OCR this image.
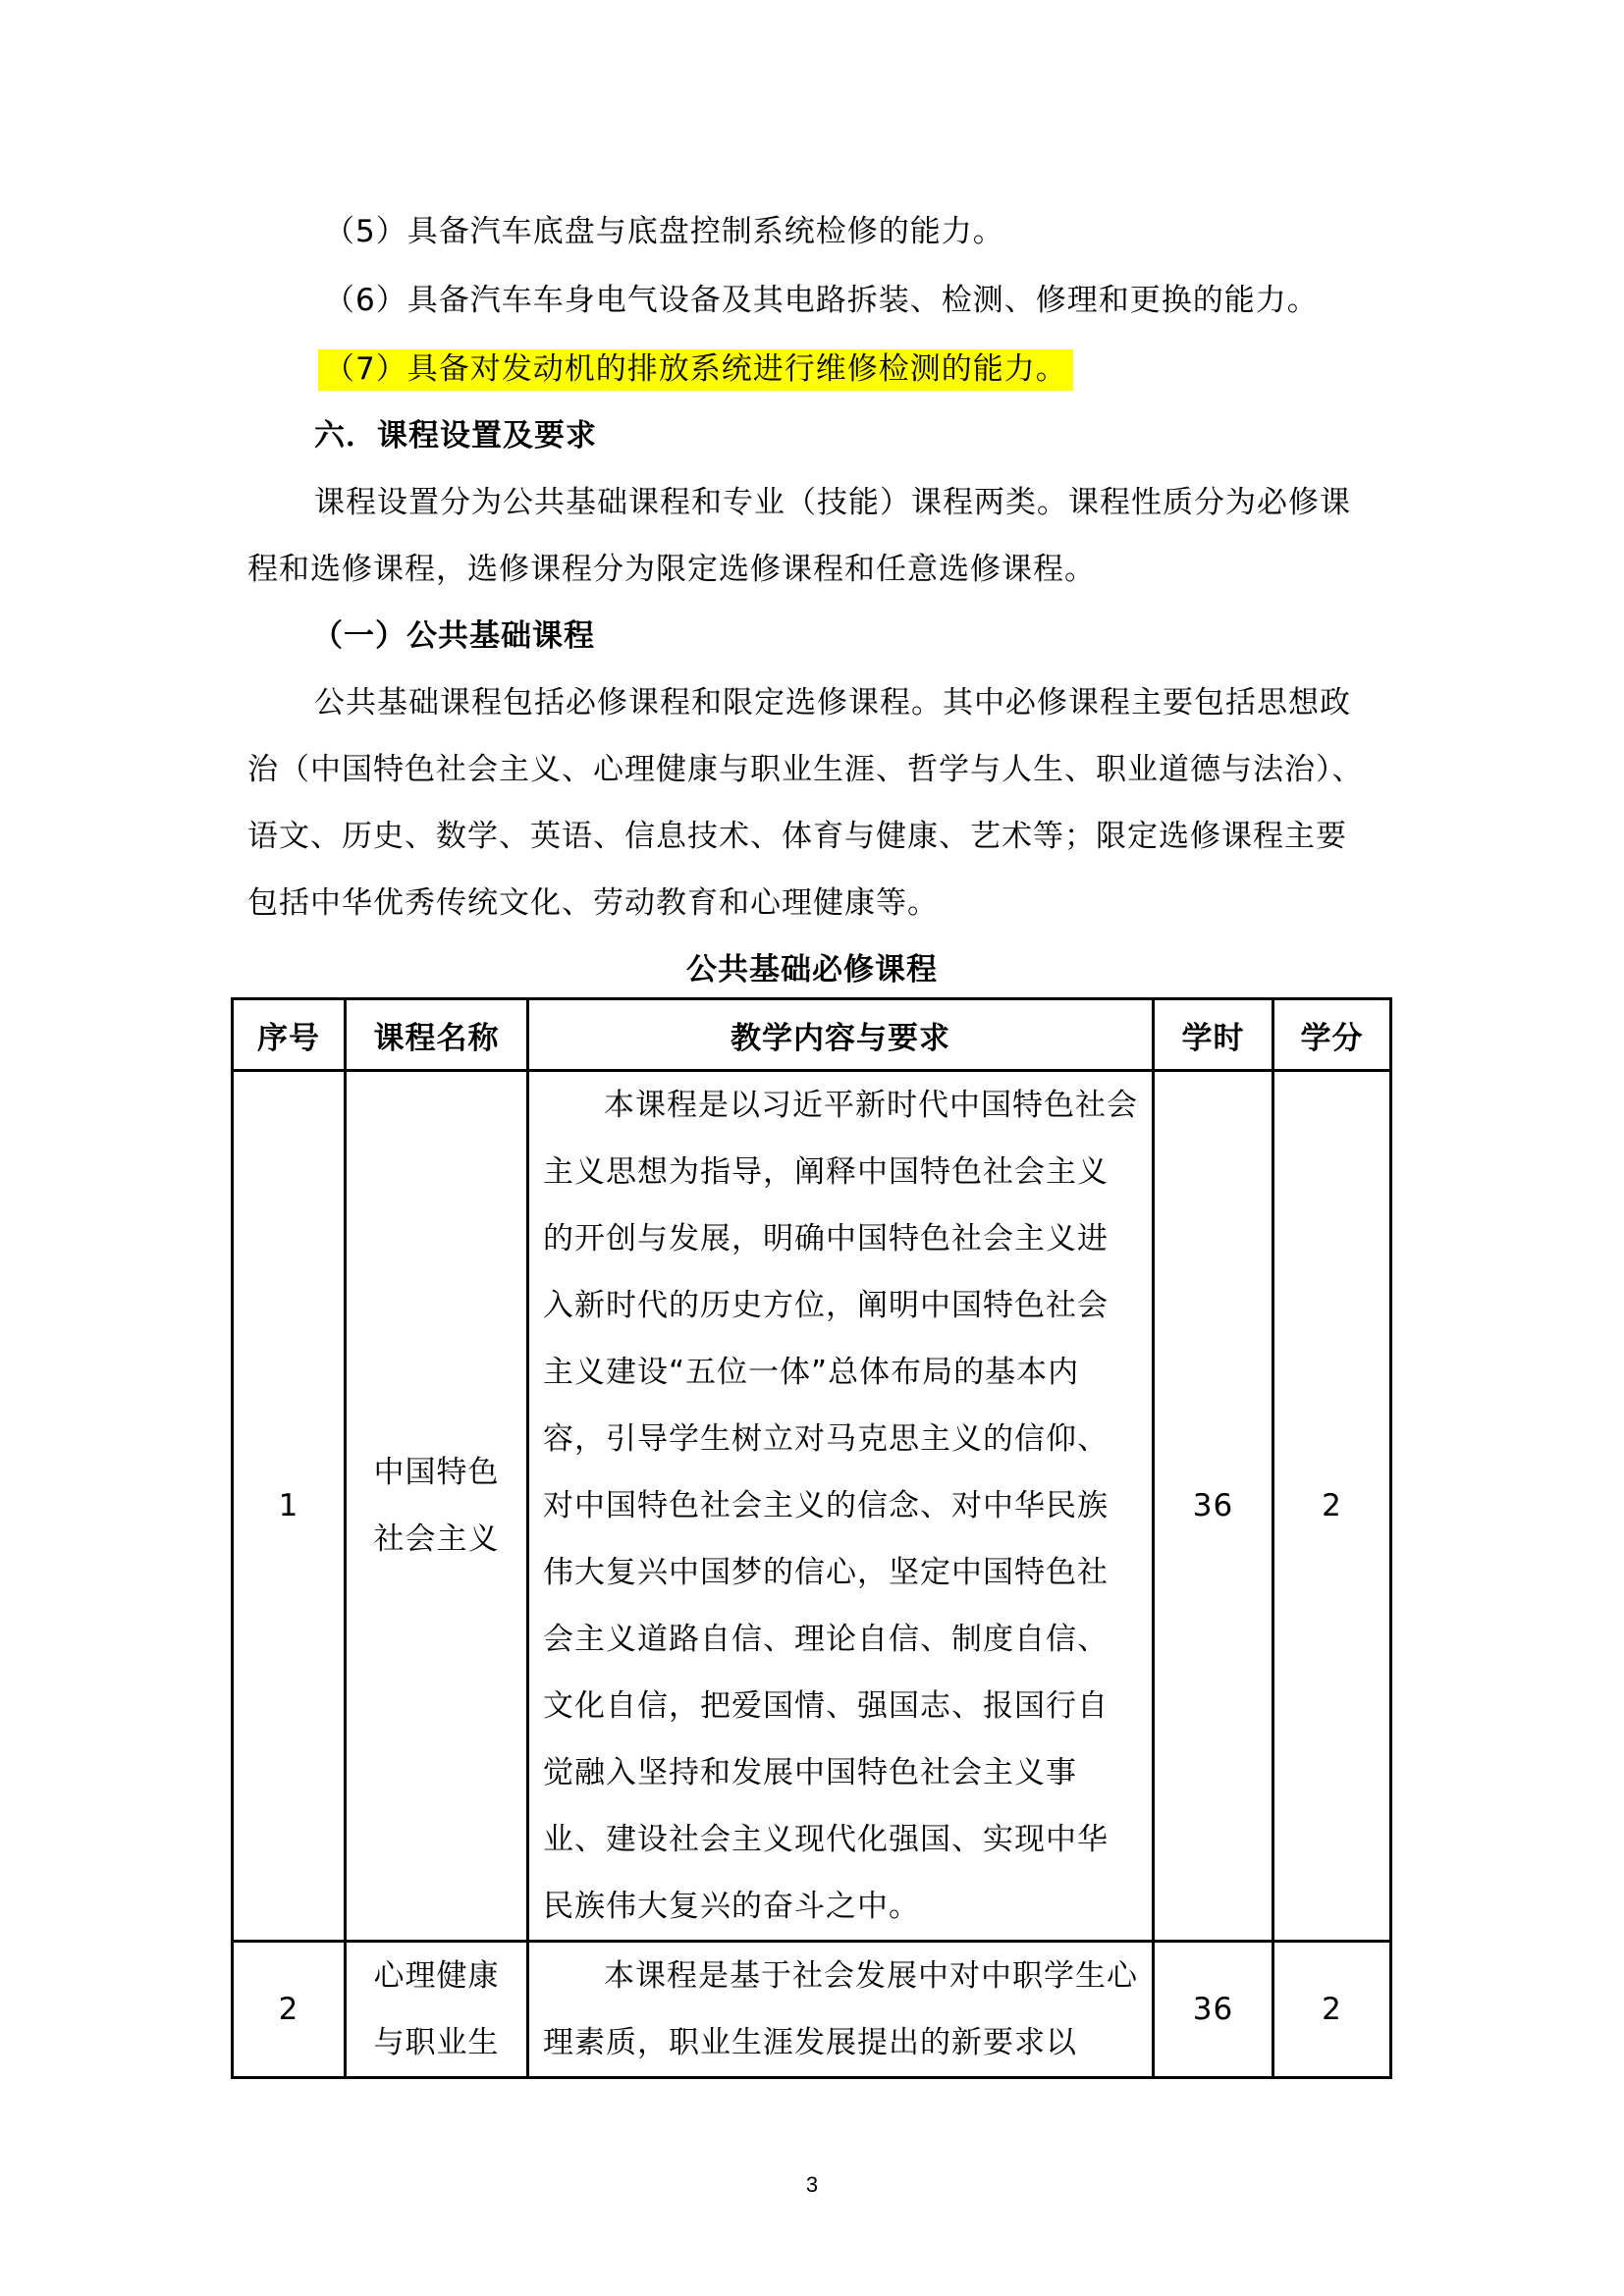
（5）具备汽车底盘与底盘控制系统检修的能力。
（6）具备汽车车身电气设备及其电路拆装、检测、修理和更换的能力。
（7）具备对发动机的排放系统进行维修检测的能力。
六．课程设置及要求
课程设置分为公共基础课程和专业（技能）课程两类。课程性质分为必修课
程和选修课程，选修课程分为限定选修课程和任意选修课程。
（一）公共基础课程
公共基础课程包括必修课程和限定选修课程。其中必修课程主要包括思想政
治（中国特色社会主义、心理健康与职业生涯、哲学与人生、职业道德与法治）、
语文、历史、数学、英语、信息技术、体育与健康、艺术等；限定选修课程主要
包括中华优秀传统文化、劳动教育和心理健康等。
公共基础必修课程
序号	课程名称	教学内容与要求	学时	学分
1	中国特色
社会主义	本课程是以习近平新时代中国特色社会主义思想为指导，阐释中国特色社会主义的开创与发展，明确中国特色社会主义进入新时代的历史方位，阐明中国特色社会主义建设“五位一体”总体布局的基本内容，引导学生树立对马克思主义的信仰、对中国特色社会主义的信念、对中华民族伟大复兴中国梦的信心，坚定中国特色社会主义道路自信、理论自信、制度自信、文化自信，把爱国情、强国志、报国行自觉融入坚持和发展中国特色社会主义事业、建设社会主义现代化强国、实现中华民族伟大复兴的奋斗之中。	36	2
2	心理健康
与职业生	本课程是基于社会发展中对中职学生心理素质，职业生涯发展提出的新要求以	36	2
3
